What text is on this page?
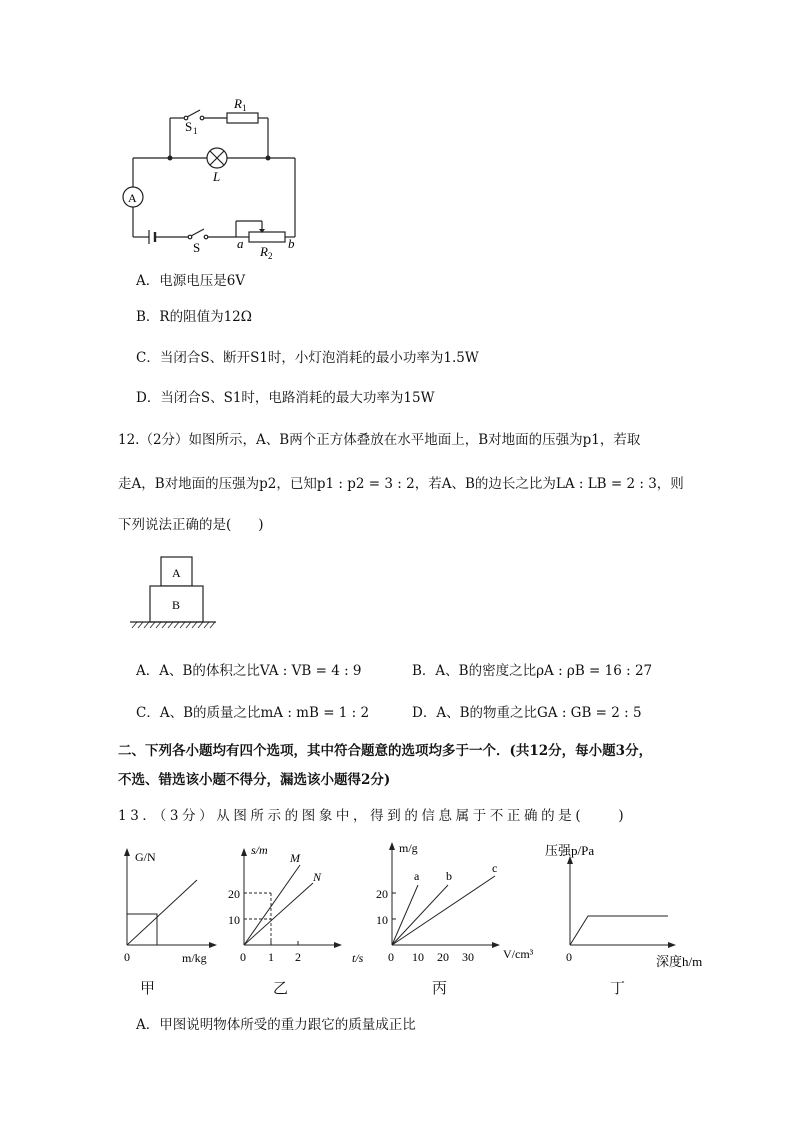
R 1
S 1
L
A
S	a
R 2
b
A．电源电压是6V
B．R的阻值为12Ω
C．当闭合S、断开S1时，小灯泡消耗的最小功率为1.5W
D．当闭合S、S1时，电路消耗的最大功率为15W
12.（2分）如图所示，A、B两个正方体叠放在水平地面上，B对地面的压强为p1，若取
走A，B对地面的压强为p2，已知p1 : p2 = 3 : 2，若A、B的边长之比为LA : LB = 2 : 3，则
下列说法正确的是(　　)
A
B
A．A、B的体积之比VA : VB = 4 : 9	B．A、B的密度之比ρA : ρB = 16 : 27
C．A、B的质量之比mA : mB = 1 : 2	D．A、B的物重之比GA : GB = 2 : 5
二、下列各小题均有四个选项，其中符合题意的选项均多于一个．(共12分，每小题3分，
不选、错选该小题不得分，漏选该小题得2分)
13．（3分）从图所示的图象中，得到的信息属于不正确的是(　　)
G/N
0	m/kg
甲
s/m
M
N
20
10
0 1 2	t/s
乙
m/g
a b
c
20
10
0 10 20 30 V/cm³
丙
压强p/Pa
0	深度h/m
丁
A．甲图说明物体所受的重力跟它的质量成正比
